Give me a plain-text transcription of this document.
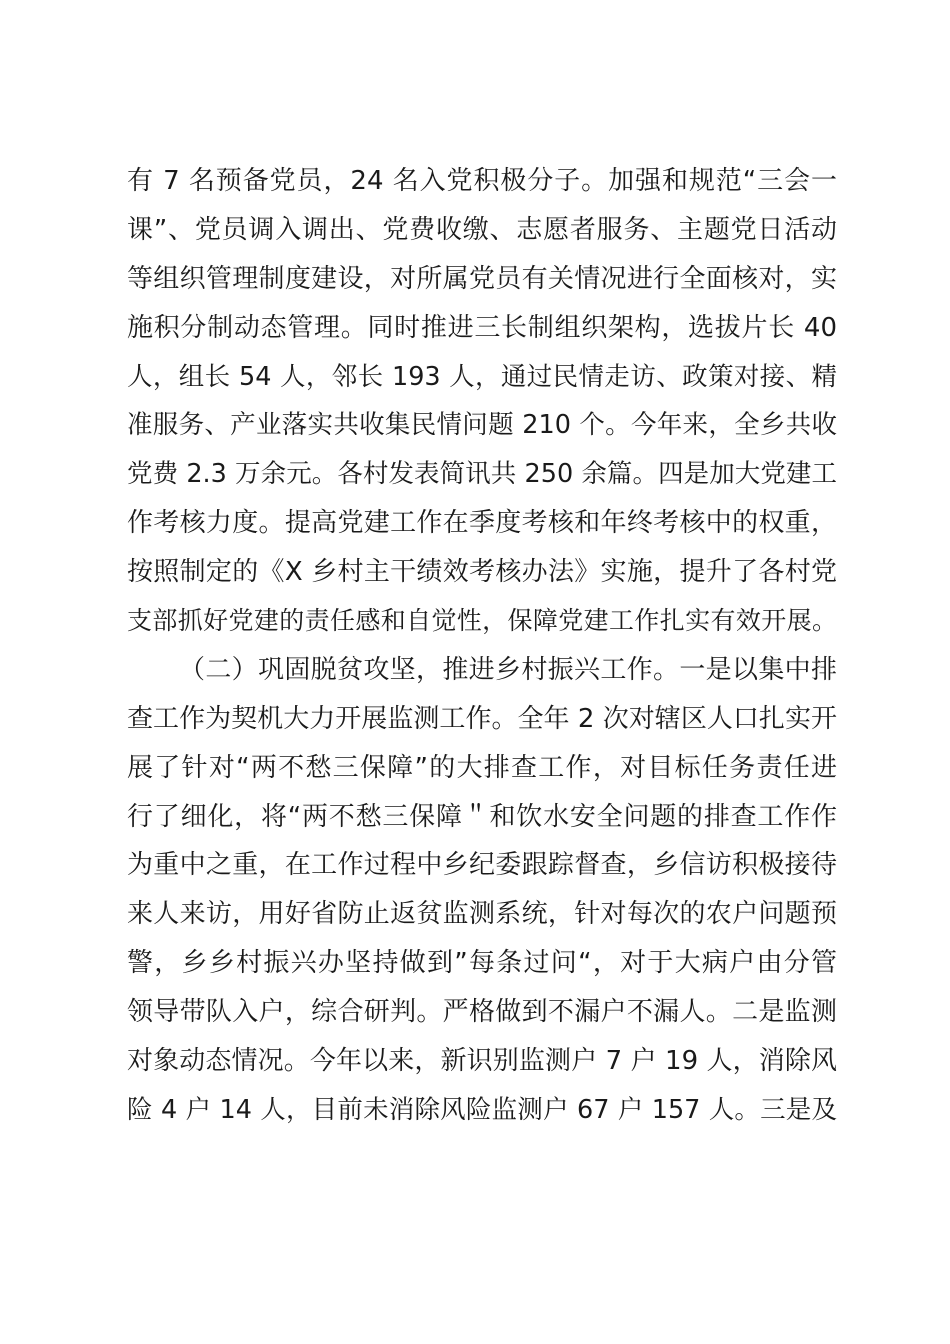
有 7 名预备党员，24 名入党积极分子。加强和规范“三会一
课”、党员调入调出、党费收缴、志愿者服务、主题党日活动
等组织管理制度建设，对所属党员有关情况进行全面核对，实
施积分制动态管理。同时推进三长制组织架构，选拔片长 40
人，组长 54 人，邻长 193 人，通过民情走访、政策对接、精
准服务、产业落实共收集民情问题 210 个。今年来，全乡共收
党费 2.3 万余元。各村发表简讯共 250 余篇。四是加大党建工
作考核力度。提高党建工作在季度考核和年终考核中的权重，
按照制定的《X 乡村主干绩效考核办法》实施，提升了各村党
支部抓好党建的责任感和自觉性，保障党建工作扎实有效开展。
（二）巩固脱贫攻坚，推进乡村振兴工作。一是以集中排
查工作为契机大力开展监测工作。全年 2 次对辖区人口扎实开
展了针对“两不愁三保障”的大排查工作，对目标任务责任进
行了细化，将“两不愁三保障＂和饮水安全问题的排查工作作
为重中之重，在工作过程中乡纪委跟踪督查，乡信访积极接待
来人来访，用好省防止返贫监测系统，针对每次的农户问题预
警，乡乡村振兴办坚持做到”每条过问“，对于大病户由分管
领导带队入户，综合研判。严格做到不漏户不漏人。二是监测
对象动态情况。今年以来，新识别监测户 7 户 19 人，消除风
险 4 户 14 人，目前未消除风险监测户 67 户 157 人。三是及
